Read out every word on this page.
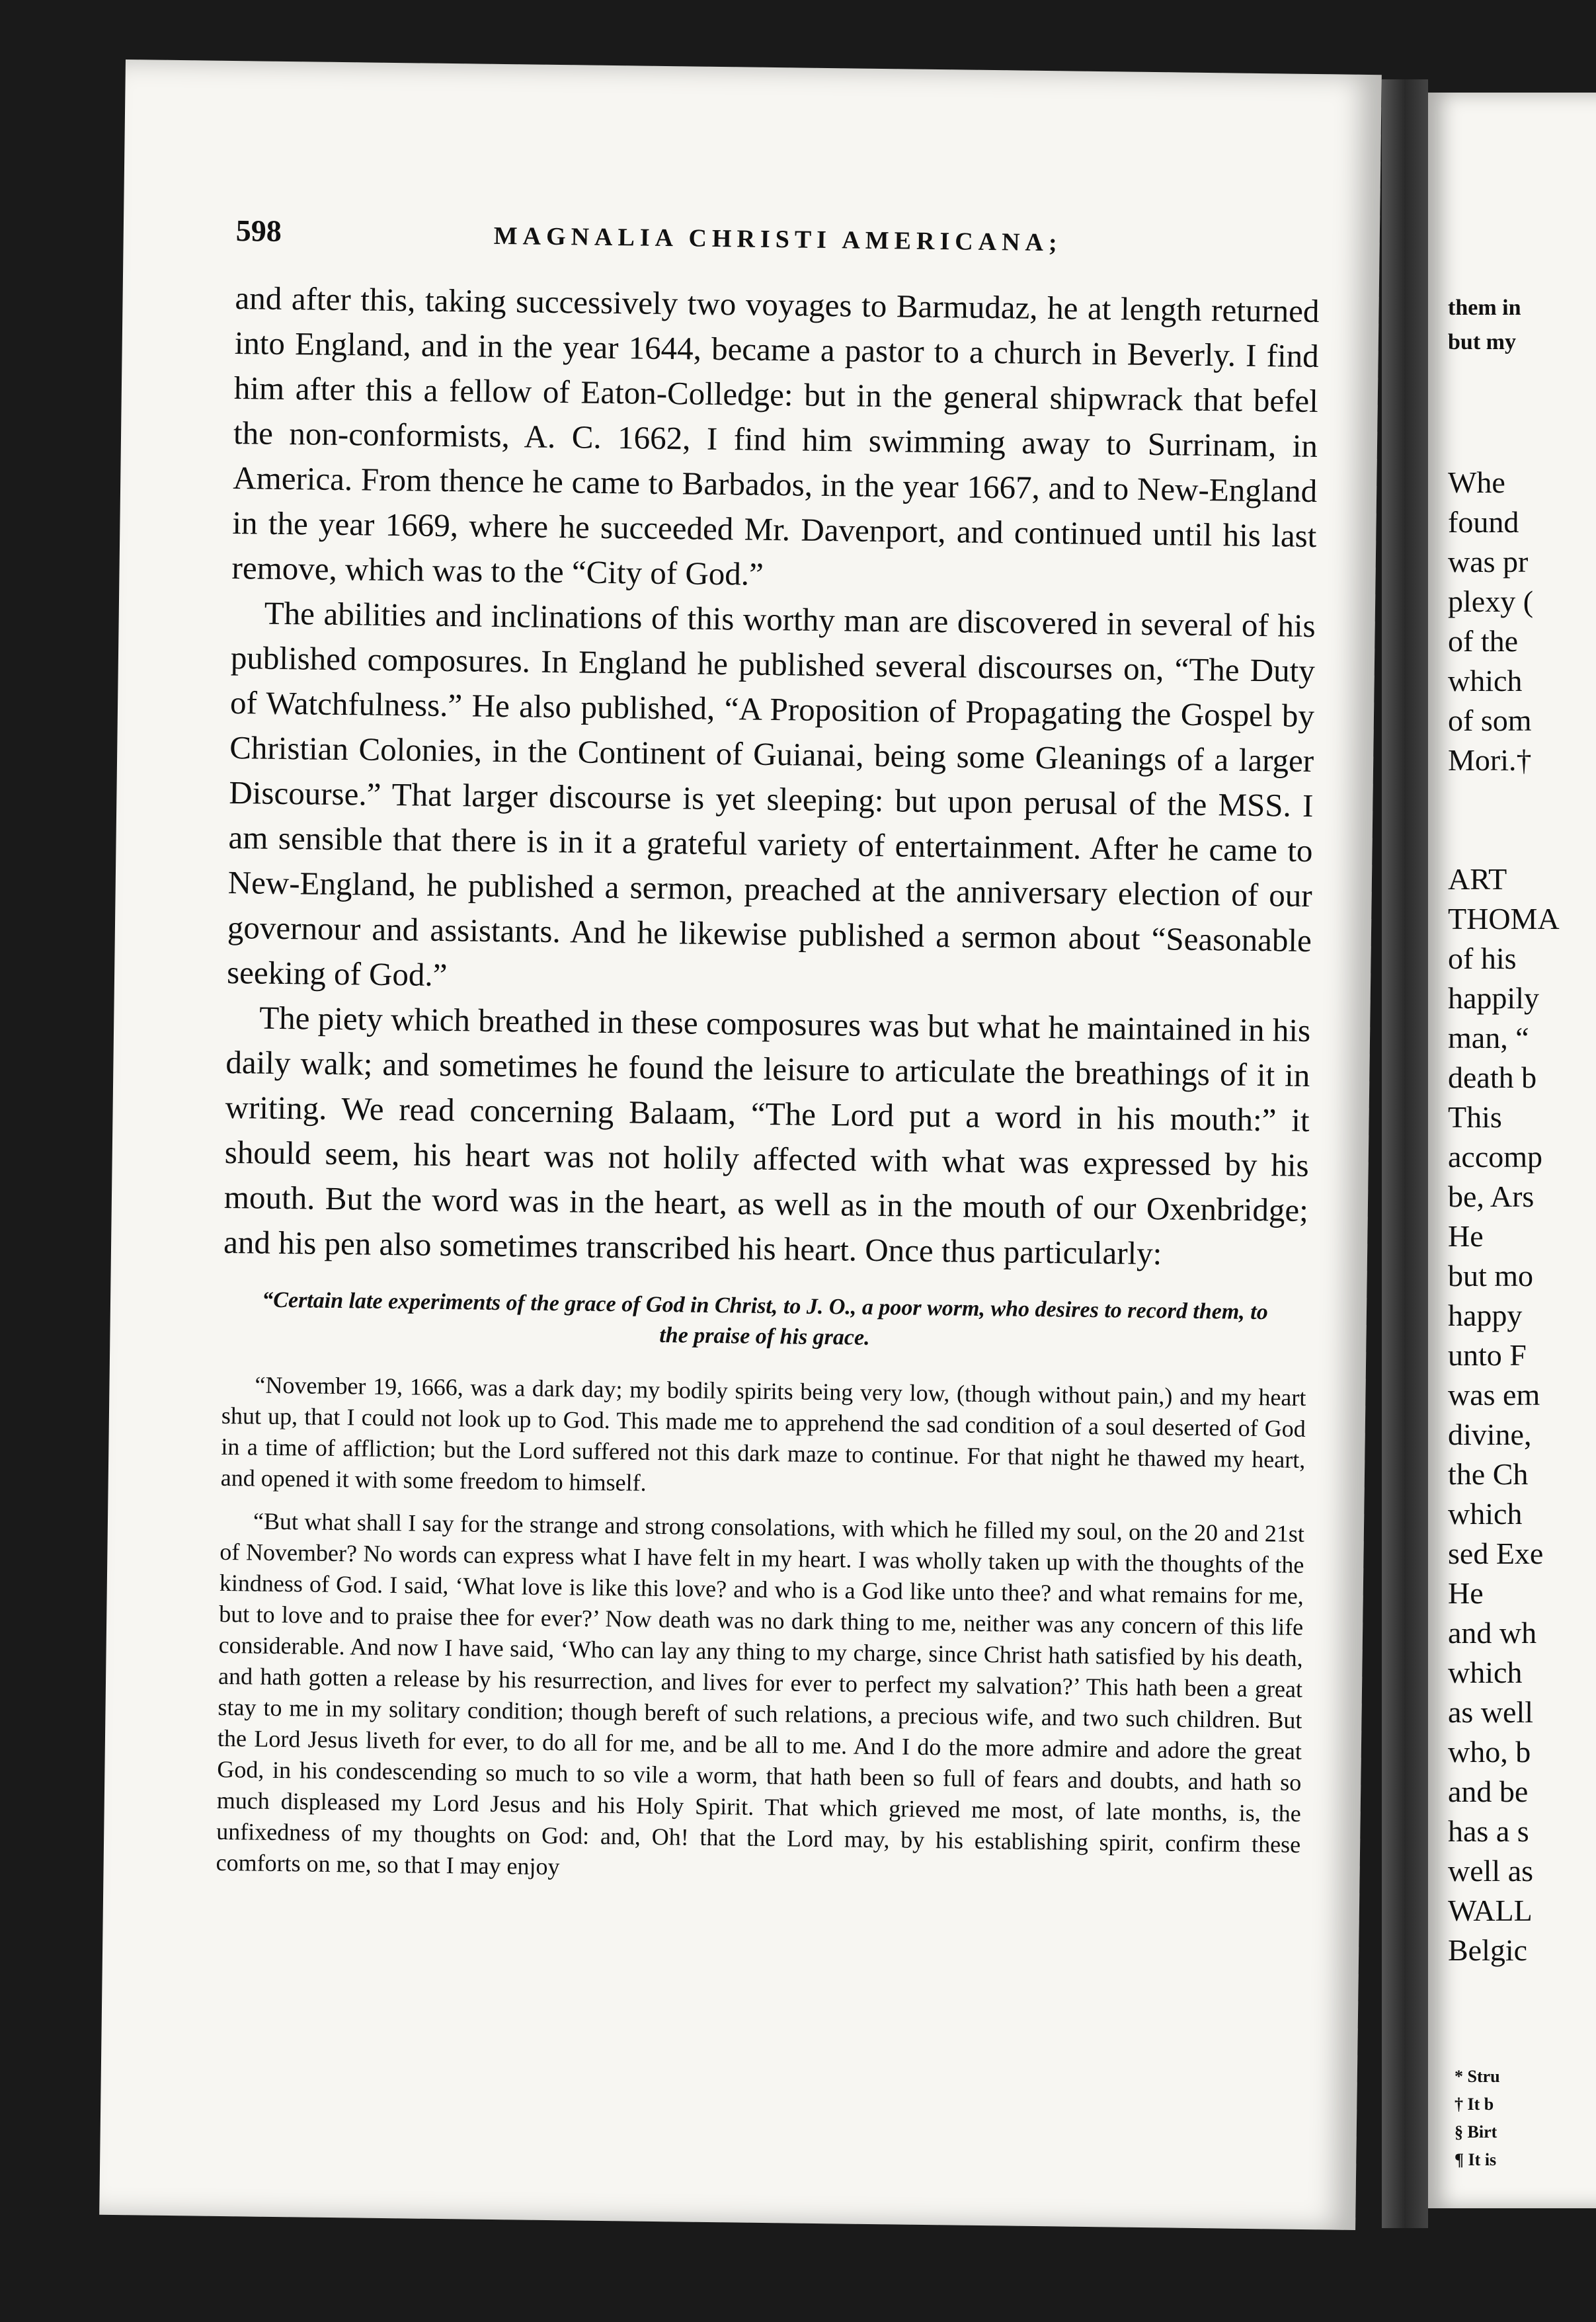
598	MAGNALIA CHRISTI AMERICANA;

and after this, taking successively two voyages to Barmudaz, he at length returned into England, and in the year 1644, became a pastor to a church in Beverly. I find him after this a fellow of Eaton-Colledge: but in the general shipwrack that befel the non-conformists, A. C. 1662, I find him swimming away to Surrinam, in America. From thence he came to Barbados, in the year 1667, and to New-England in the year 1669, where he succeeded Mr. Davenport, and continued until his last remove, which was to the “City of God.”

The abilities and inclinations of this worthy man are discovered in several of his published composures. In England he published several discourses on, “The Duty of Watchfulness.” He also published, “A Proposition of Propagating the Gospel by Christian Colonies, in the Continent of Guianai, being some Gleanings of a larger Discourse.” That larger discourse is yet sleeping: but upon perusal of the MSS. I am sensible that there is in it a grateful variety of entertainment. After he came to New-England, he published a sermon, preached at the anniversary election of our governour and assistants. And he likewise published a sermon about “Seasonable seeking of God.”

The piety which breathed in these composures was but what he maintained in his daily walk; and sometimes he found the leisure to articulate the breathings of it in writing. We read concerning Balaam, “The Lord put a word in his mouth:” it should seem, his heart was not holily affected with what was expressed by his mouth. But the word was in the heart, as well as in the mouth of our Oxenbridge; and his pen also sometimes transcribed his heart. Once thus particularly:

“Certain late experiments of the grace of God in Christ, to J. O., a poor worm, who desires to record them, to the praise of his grace.

“November 19, 1666, was a dark day; my bodily spirits being very low, (though without pain,) and my heart shut up, that I could not look up to God. This made me to apprehend the sad condition of a soul deserted of God in a time of affliction; but the Lord suffered not this dark maze to continue. For that night he thawed my heart, and opened it with some freedom to himself.

“But what shall I say for the strange and strong consolations, with which he filled my soul, on the 20 and 21st of November? No words can express what I have felt in my heart. I was wholly taken up with the thoughts of the kindness of God. I said, ‘What love is like this love? and who is a God like unto thee? and what remains for me, but to love and to praise thee for ever?’ Now death was no dark thing to me, neither was any concern of this life considerable. And now I have said, ‘Who can lay any thing to my charge, since Christ hath satisfied by his death, and hath gotten a release by his resurrection, and lives for ever to perfect my salvation?’ This hath been a great stay to me in my solitary condition; though bereft of such relations, a precious wife, and two such children. But the Lord Jesus liveth for ever, to do all for me, and be all to me. And I do the more admire and adore the great God, in his condescending so much to so vile a worm, that hath been so full of fears and doubts, and hath so much displeased my Lord Jesus and his Holy Spirit. That which grieved me most, of late months, is, the unfixedness of my thoughts on God: and, Oh! that the Lord may, by his establishing spirit, confirm these comforts on me, so that I may enjoy

them in
but my
Whe
found
was pr
plexy (
of the
which
of som
Mori.†
ART
THOMA
of his
happily
man, “
death b
This
accomp
be, Ars
He
but mo
happy
unto F
was em
divine,
the Ch
which
sed Exe
He
and wh
which
as well
who, b
and be
has a s
well as
WALL
Belgic
* Stru
† It b
§ Birt
¶ It is
